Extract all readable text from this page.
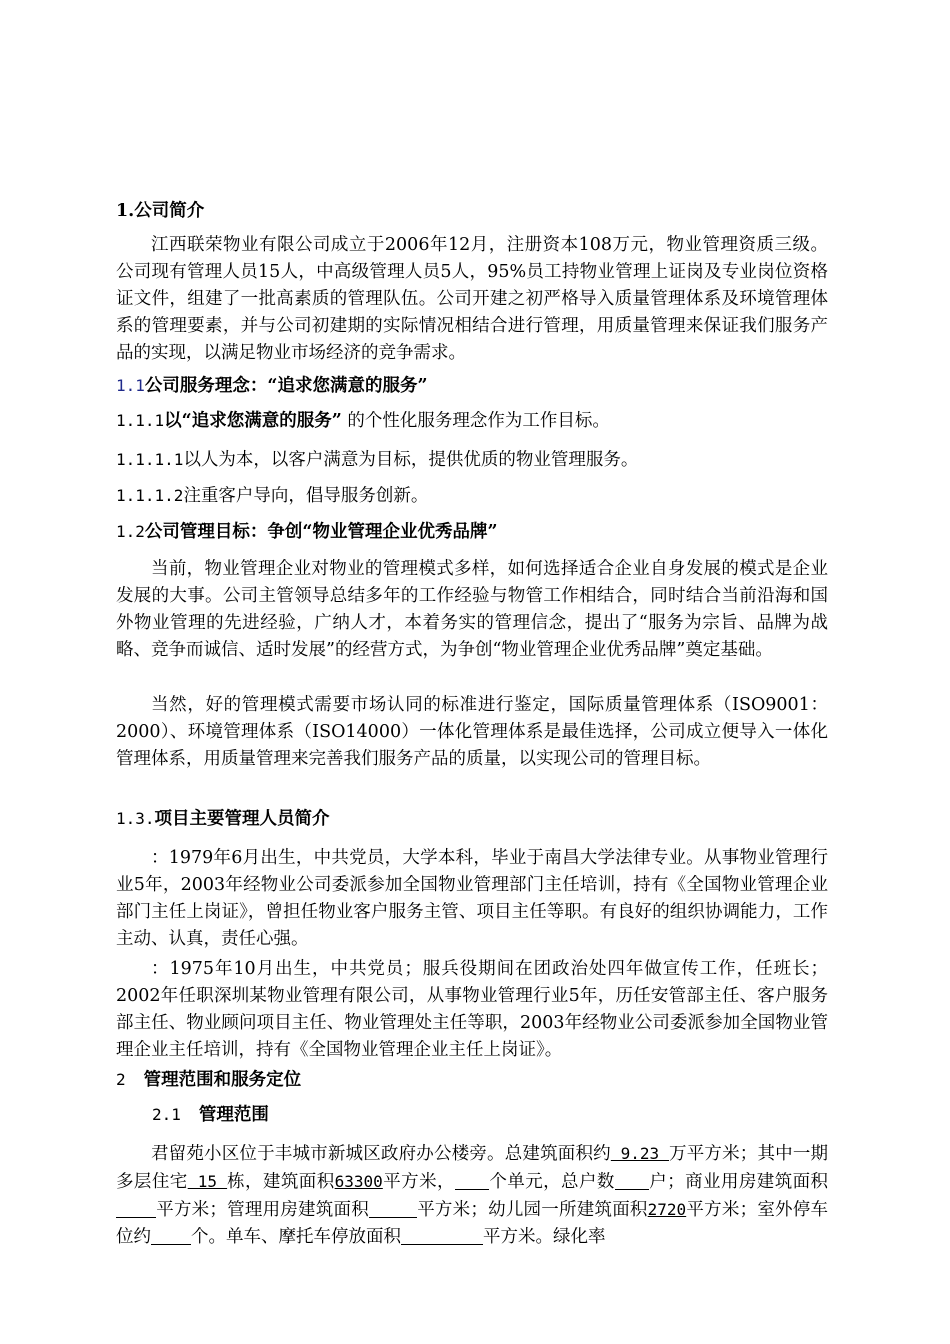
1.公司简介

江西联荣物业有限公司成立于2006年12月，注册资本108万元，物业管理资质三级。公司现有管理人员15人，中高级管理人员5人，95%员工持物业管理上证岗及专业岗位资格证文件，组建了一批高素质的管理队伍。公司开建之初严格导入质量管理体系及环境管理体系的管理要素，并与公司初建期的实际情况相结合进行管理，用质量管理来保证我们服务产品的实现，以满足物业市场经济的竞争需求。

1.1公司服务理念：“追求您满意的服务”
1.1.1以“追求您满意的服务” 的个性化服务理念作为工作目标。
1.1.1.1以人为本，以客户满意为目标，提供优质的物业管理服务。
1.1.1.2注重客户导向，倡导服务创新。
1.2公司管理目标：争创“物业管理企业优秀品牌”

当前，物业管理企业对物业的管理模式多样，如何选择适合企业自身发展的模式是企业发展的大事。公司主管领导总结多年的工作经验与物管工作相结合，同时结合当前沿海和国外物业管理的先进经验，广纳人才，本着务实的管理信念，提出了“服务为宗旨、品牌为战略、竞争而诚信、适时发展”的经营方式，为争创“物业管理企业优秀品牌”奠定基础。

当然，好的管理模式需要市场认同的标准进行鉴定，国际质量管理体系（ISO9001：2000）、环境管理体系（ISO14000）一体化管理体系是最佳选择，公司成立便导入一体化管理体系，用质量管理来完善我们服务产品的质量，以实现公司的管理目标。

1.3.项目主要管理人员简介

：1979年6月出生，中共党员，大学本科，毕业于南昌大学法律专业。从事物业管理行业5年，2003年经物业公司委派参加全国物业管理部门主任培训，持有《全国物业管理企业部门主任上岗证》，曾担任物业客户服务主管、项目主任等职。有良好的组织协调能力，工作主动、认真，责任心强。

：1975年10月出生，中共党员；服兵役期间在团政治处四年做宣传工作，任班长；2002年任职深圳某物业管理有限公司，从事物业管理行业5年，历任安管部主任、客户服务部主任、物业顾问项目主任、物业管理处主任等职，2003年经物业公司委派参加全国物业管理企业主任培训，持有《全国物业管理企业主任上岗证》。

2 管理范围和服务定位
2.1 管理范围

君留苑小区位于丰城市新城区政府办公楼旁。总建筑面积约 9.23 万平方米；其中一期多层住宅 15 栋，建筑面积63300平方米， 个单元，总户数 户；商业用房建筑面积平方米；管理用房建筑面积	平方米；幼儿园一所建筑面积2720平方米；室外停车位约 个。单车、摩托车停放面积	平方米。绿化率
